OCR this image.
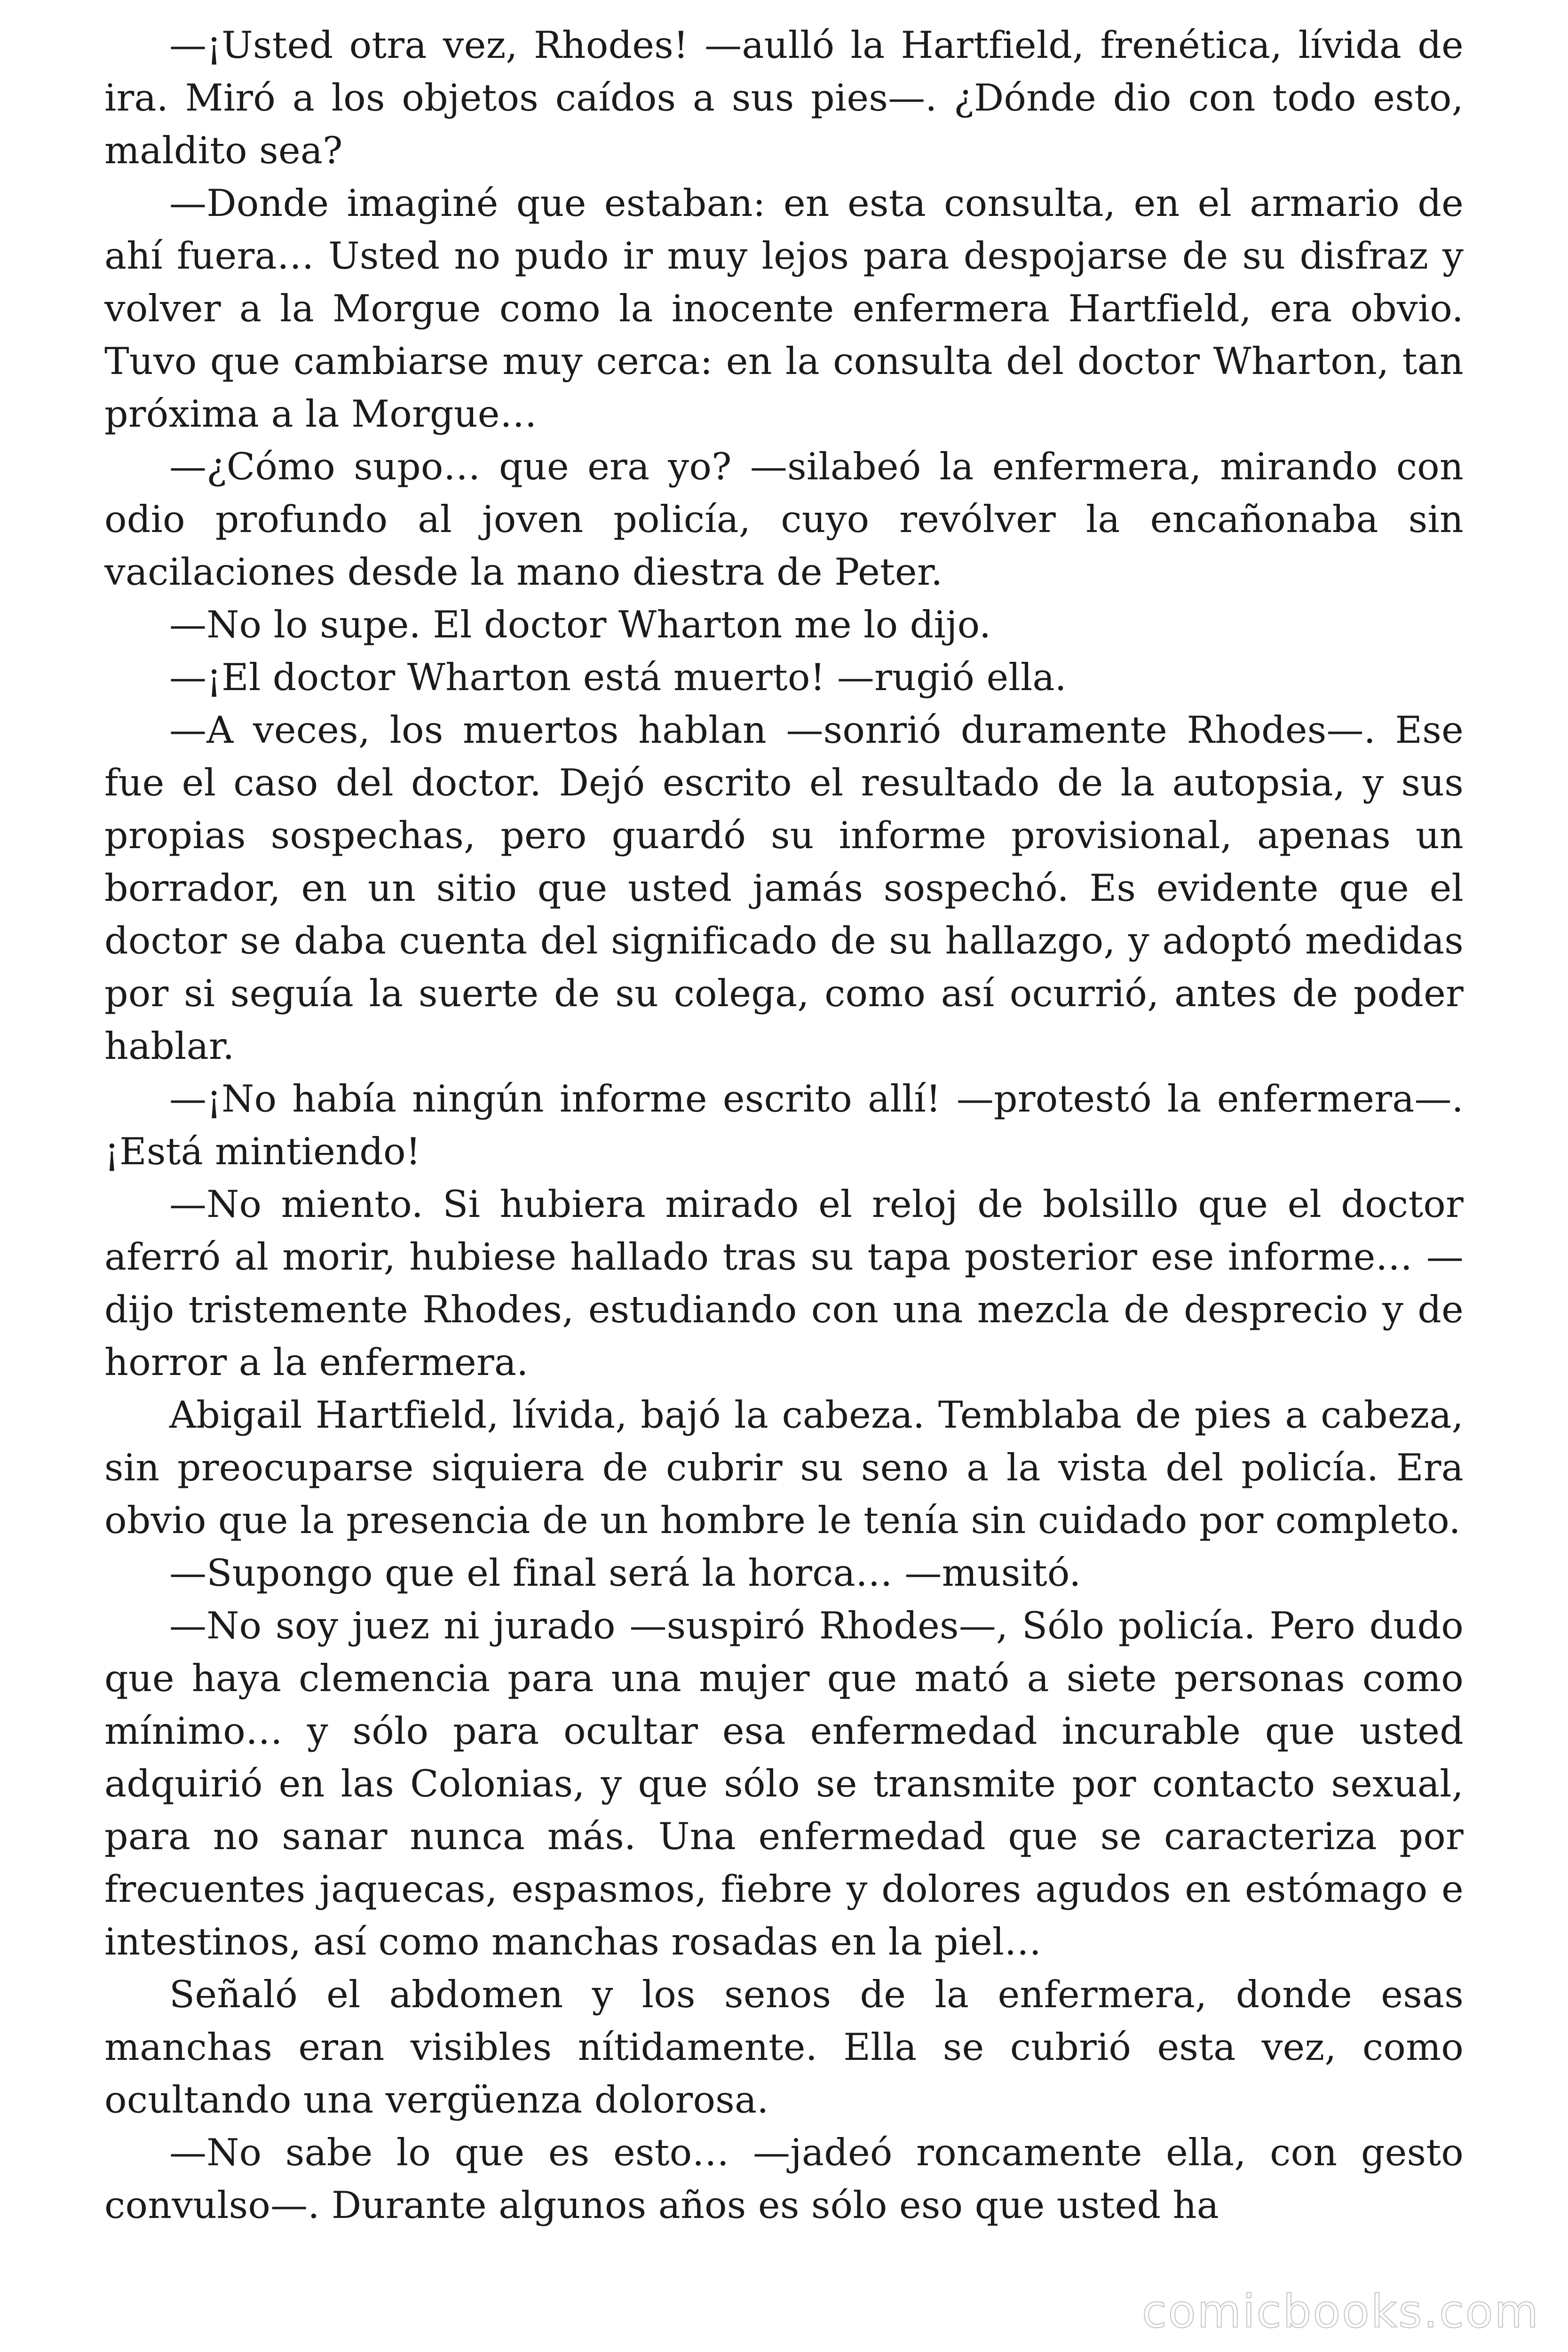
—¡Usted otra vez, Rhodes! —aulló la Hartfield, frenética, lívida de ira. Miró a los objetos caídos a sus pies—. ¿Dónde dio con todo esto, maldito sea?

—Donde imaginé que estaban: en esta consulta, en el armario de ahí fuera… Usted no pudo ir muy lejos para despojarse de su disfraz y volver a la Morgue como la inocente enfermera Hartfield, era obvio. Tuvo que cambiarse muy cerca: en la consulta del doctor Wharton, tan próxima a la Morgue…

—¿Cómo supo… que era yo? —silabeó la enfermera, mirando con odio profundo al joven policía, cuyo revólver la encañonaba sin vacilaciones desde la mano diestra de Peter.

—No lo supe. El doctor Wharton me lo dijo.

—¡El doctor Wharton está muerto! —rugió ella.

—A veces, los muertos hablan —sonrió duramente Rhodes—. Ese fue el caso del doctor. Dejó escrito el resultado de la autopsia, y sus propias sospechas, pero guardó su informe provisional, apenas un borrador, en un sitio que usted jamás sospechó. Es evidente que el doctor se daba cuenta del significado de su hallazgo, y adoptó medidas por si seguía la suerte de su colega, como así ocurrió, antes de poder hablar.

—¡No había ningún informe escrito allí! —protestó la enfermera—. ¡Está mintiendo!

—No miento. Si hubiera mirado el reloj de bolsillo que el doctor aferró al morir, hubiese hallado tras su tapa posterior ese informe… —dijo tristemente Rhodes, estudiando con una mezcla de desprecio y de horror a la enfermera.

Abigail Hartfield, lívida, bajó la cabeza. Temblaba de pies a cabeza, sin preocuparse siquiera de cubrir su seno a la vista del policía. Era obvio que la presencia de un hombre le tenía sin cuidado por completo.

—Supongo que el final será la horca… —musitó.

—No soy juez ni jurado —suspiró Rhodes—, Sólo policía. Pero dudo que haya clemencia para una mujer que mató a siete personas como mínimo… y sólo para ocultar esa enfermedad incurable que usted adquirió en las Colonias, y que sólo se transmite por contacto sexual, para no sanar nunca más. Una enfermedad que se caracteriza por frecuentes jaquecas, espasmos, fiebre y dolores agudos en estómago e intestinos, así como manchas rosadas en la piel…

Señaló el abdomen y los senos de la enfermera, donde esas manchas eran visibles nítidamente. Ella se cubrió esta vez, como ocultando una vergüenza dolorosa.

—No sabe lo que es esto… —jadeó roncamente ella, con gesto convulso—. Durante algunos años es sólo eso que usted ha

comicbooks.com
